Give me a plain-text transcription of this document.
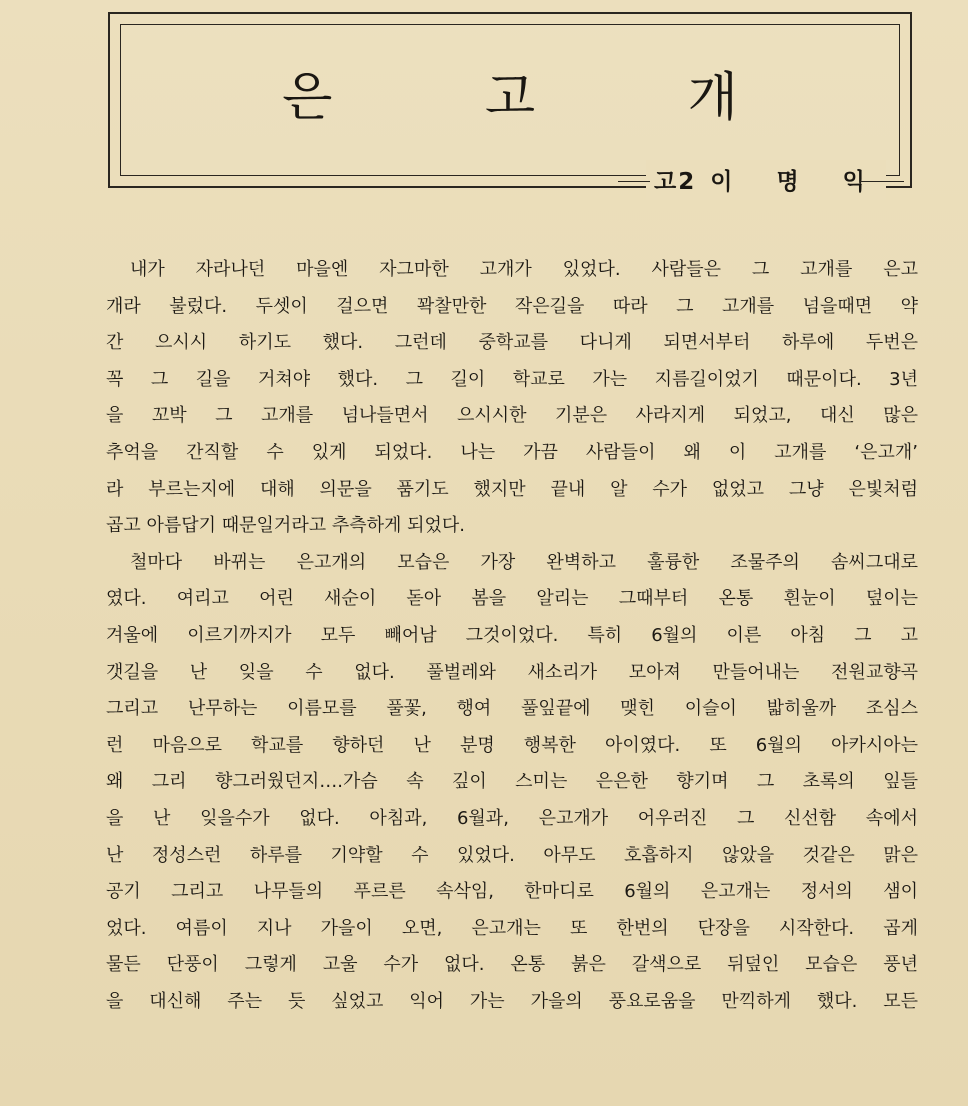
은 고 개
고2 이 명 익
내가 자라나던 마을엔 자그마한 고개가 있었다. 사람들은 그 고개를 은고
개라 불렀다. 두셋이 걸으면 꽉찰만한 작은길을 따라 그 고개를 넘을때면 약
간 으시시 하기도 했다. 그런데 중학교를 다니게 되면서부터 하루에 두번은
꼭 그 길을 거쳐야 했다. 그 길이 학교로 가는 지름길이었기 때문이다. 3년
을 꼬박 그 고개를 넘나들면서 으시시한 기분은 사라지게 되었고, 대신 많은
추억을 간직할 수 있게 되었다. 나는 가끔 사람들이 왜 이 고개를 ‘은고개’
라 부르는지에 대해 의문을 품기도 했지만 끝내 알 수가 없었고 그냥 은빛처럼
곱고 아름답기 때문일거라고 추측하게 되었다.
철마다 바뀌는 은고개의 모습은 가장 완벽하고 훌륭한 조물주의 솜씨그대로
였다. 여리고 어린 새순이 돋아 봄을 알리는 그때부터 온통 흰눈이 덮이는
겨울에 이르기까지가 모두 빼어남 그것이었다. 특히 6월의 이른 아침 그 고
갯길을 난 잊을 수 없다. 풀벌레와 새소리가 모아져 만들어내는 전원교향곡
그리고 난무하는 이름모를 풀꽃, 행여 풀잎끝에 맺힌 이슬이 밟히울까 조심스
런 마음으로 학교를 향하던 난 분명 행복한 아이였다. 또 6월의 아카시아는
왜 그리 향그러웠던지….가슴 속 깊이 스미는 은은한 향기며 그 초록의 잎들
을 난 잊을수가 없다. 아침과, 6월과, 은고개가 어우러진 그 신선함 속에서
난 정성스런 하루를 기약할 수 있었다. 아무도 호흡하지 않았을 것같은 맑은
공기 그리고 나무들의 푸르른 속삭임, 한마디로 6월의 은고개는 정서의 샘이
었다. 여름이 지나 가을이 오면, 은고개는 또 한번의 단장을 시작한다. 곱게
물든 단풍이 그렇게 고울 수가 없다. 온통 붉은 갈색으로 뒤덮인 모습은 풍년
을 대신해 주는 듯 싶었고 익어 가는 가을의 풍요로움을 만끽하게 했다. 모든
